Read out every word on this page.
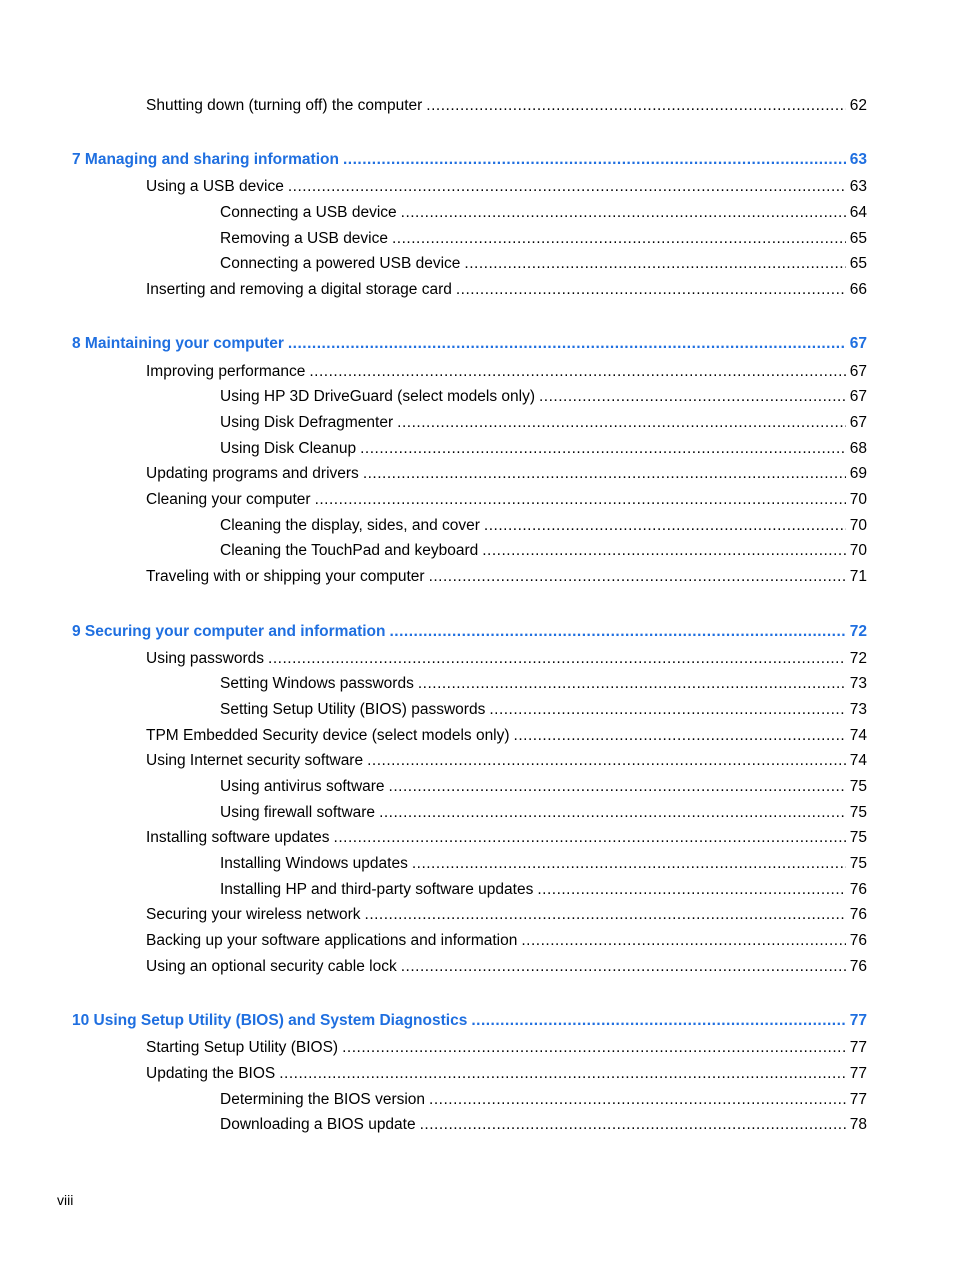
Shutting down (turning off) the computer .....	62
7 Managing and sharing information .....	63
Using a USB device .....	63
Connecting a USB device .....	64
Removing a USB device .....	65
Connecting a powered USB device .....	65
Inserting and removing a digital storage card .....	66
8 Maintaining your computer .....	67
Improving performance .....	67
Using HP 3D DriveGuard (select models only) .....	67
Using Disk Defragmenter .....	67
Using Disk Cleanup .....	68
Updating programs and drivers .....	69
Cleaning your computer .....	70
Cleaning the display, sides, and cover .....	70
Cleaning the TouchPad and keyboard .....	70
Traveling with or shipping your computer .....	71
9 Securing your computer and information .....	72
Using passwords .....	72
Setting Windows passwords .....	73
Setting Setup Utility (BIOS) passwords .....	73
TPM Embedded Security device (select models only) .....	74
Using Internet security software .....	74
Using antivirus software .....	75
Using firewall software .....	75
Installing software updates .....	75
Installing Windows updates .....	75
Installing HP and third-party software updates .....	76
Securing your wireless network .....	76
Backing up your software applications and information .....	76
Using an optional security cable lock .....	76
10 Using Setup Utility (BIOS) and System Diagnostics .....	77
Starting Setup Utility (BIOS) .....	77
Updating the BIOS .....	77
Determining the BIOS version .....	77
Downloading a BIOS update .....	78
viii
